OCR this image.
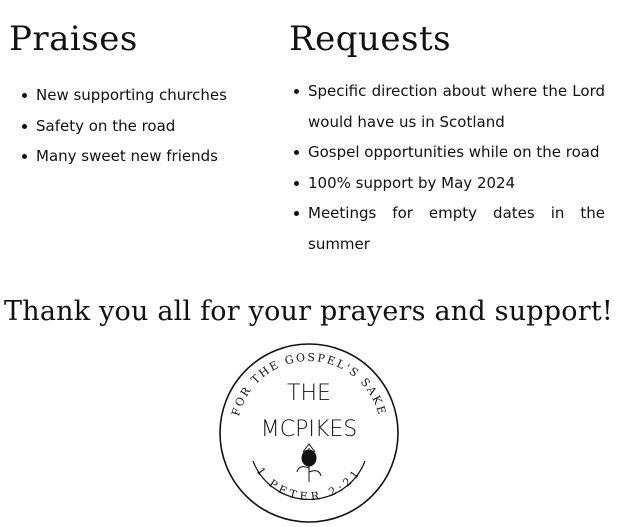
Praises
New supporting churches
Safety on the road
Many sweet new friends
Requests
Specific direction about where the Lord would have us in Scotland
Gospel opportunities while on the road
100% support by May 2024
Meetings for empty dates in the summer
Thank you all for your prayers and support!
FOR THE GOSPEL'S SAKE
THE
MCPIKES
1 PETER 2:21
